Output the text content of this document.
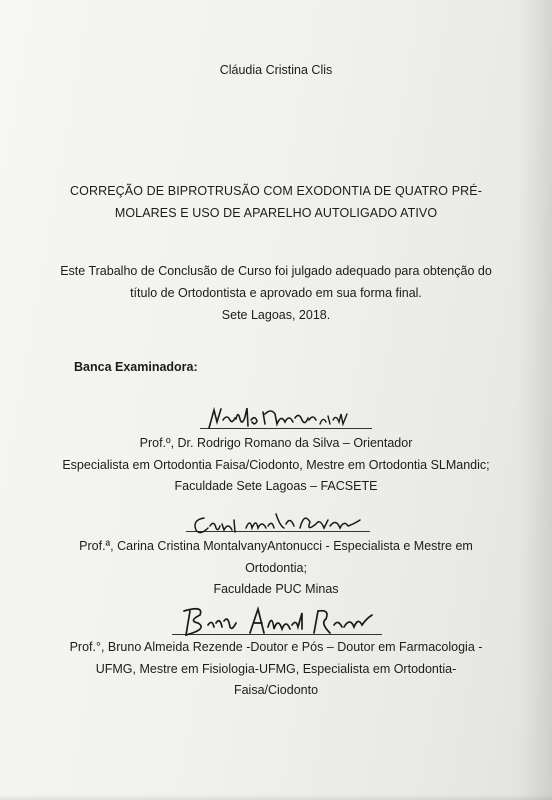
Cláudia Cristina Clis
CORREÇÃO DE BIPROTRUSÃO COM EXODONTIA DE QUATRO PRÉ-
MOLARES E USO DE APARELHO AUTOLIGADO ATIVO
Este Trabalho de Conclusão de Curso foi julgado adequado para obtenção do
título de Ortodontista e aprovado em sua forma final.
Sete Lagoas, 2018.
Banca Examinadora:
Prof.º, Dr. Rodrigo Romano da Silva – Orientador
Especialista em Ortodontia Faisa/Ciodonto, Mestre em Ortodontia SLMandic;
Faculdade Sete Lagoas – FACSETE
Prof.ª, Carina Cristina MontalvanyAntonucci - Especialista e Mestre em
Ortodontia;
Faculdade PUC Minas
Prof.°, Bruno Almeida Rezende -Doutor e Pós – Doutor em Farmacologia -
UFMG, Mestre em Fisiologia-UFMG, Especialista em Ortodontia-
Faisa/Ciodonto
